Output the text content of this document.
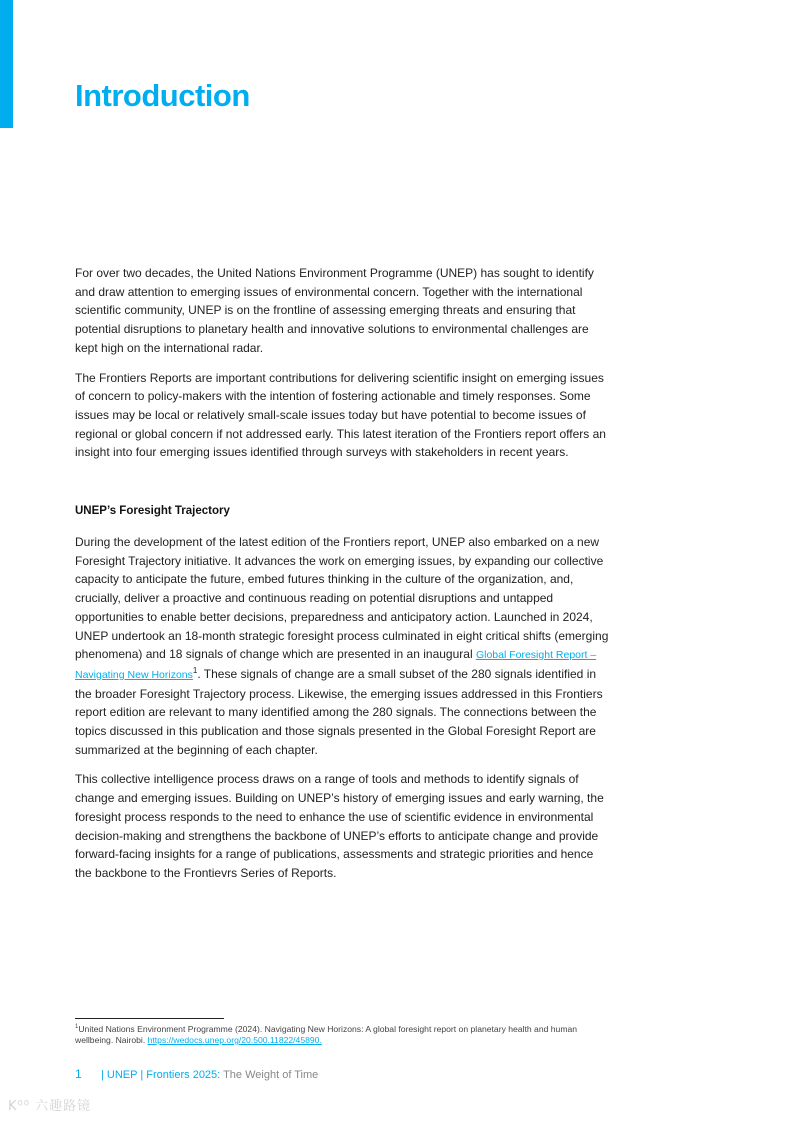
Introduction

For over two decades, the United Nations Environment Programme (UNEP) has sought to identify and draw attention to emerging issues of environmental concern. Together with the international scientific community, UNEP is on the frontline of assessing emerging threats and ensuring that potential disruptions to planetary health and innovative solutions to environmental challenges are kept high on the international radar.

The Frontiers Reports are important contributions for delivering scientific insight on emerging issues of concern to policy-makers with the intention of fostering actionable and timely responses. Some issues may be local or relatively small-scale issues today but have potential to become issues of regional or global concern if not addressed early. This latest iteration of the Frontiers report offers an insight into four emerging issues identified through surveys with stakeholders in recent years.

UNEP’s Foresight Trajectory

During the development of the latest edition of the Frontiers report, UNEP also embarked on a new Foresight Trajectory initiative. It advances the work on emerging issues, by expanding our collective capacity to anticipate the future, embed futures thinking in the culture of the organization, and, crucially, deliver a proactive and continuous reading on potential disruptions and untapped opportunities to enable better decisions, preparedness and anticipatory action. Launched in 2024, UNEP undertook an 18-month strategic foresight process culminated in eight critical shifts (emerging phenomena) and 18 signals of change which are presented in an inaugural Global Foresight Report – Navigating New Horizons$^1$. These signals of change are a small subset of the 280 signals identified in the broader Foresight Trajectory process. Likewise, the emerging issues addressed in this Frontiers report edition are relevant to many identified among the 280 signals. The connections between the topics discussed in this publication and those signals presented in the Global Foresight Report are summarized at the beginning of each chapter.

This collective intelligence process draws on a range of tools and methods to identify signals of change and emerging issues. Building on UNEP’s history of emerging issues and early warning, the foresight process responds to the need to enhance the use of scientific evidence in environmental decision-making and strengthens the backbone of UNEP’s efforts to anticipate change and provide forward-facing insights for a range of publications, assessments and strategic priorities and hence the backbone to the Frontievrs Series of Reports.

$^1$United Nations Environment Programme (2024). Navigating New Horizons: A global foresight report on planetary health and human wellbeing. Nairobi. https://wedocs.unep.org/20.500.11822/45890.

1 | UNEP | Frontiers 2025: The Weight of Time
K⁰⁰ 六趣路镜
